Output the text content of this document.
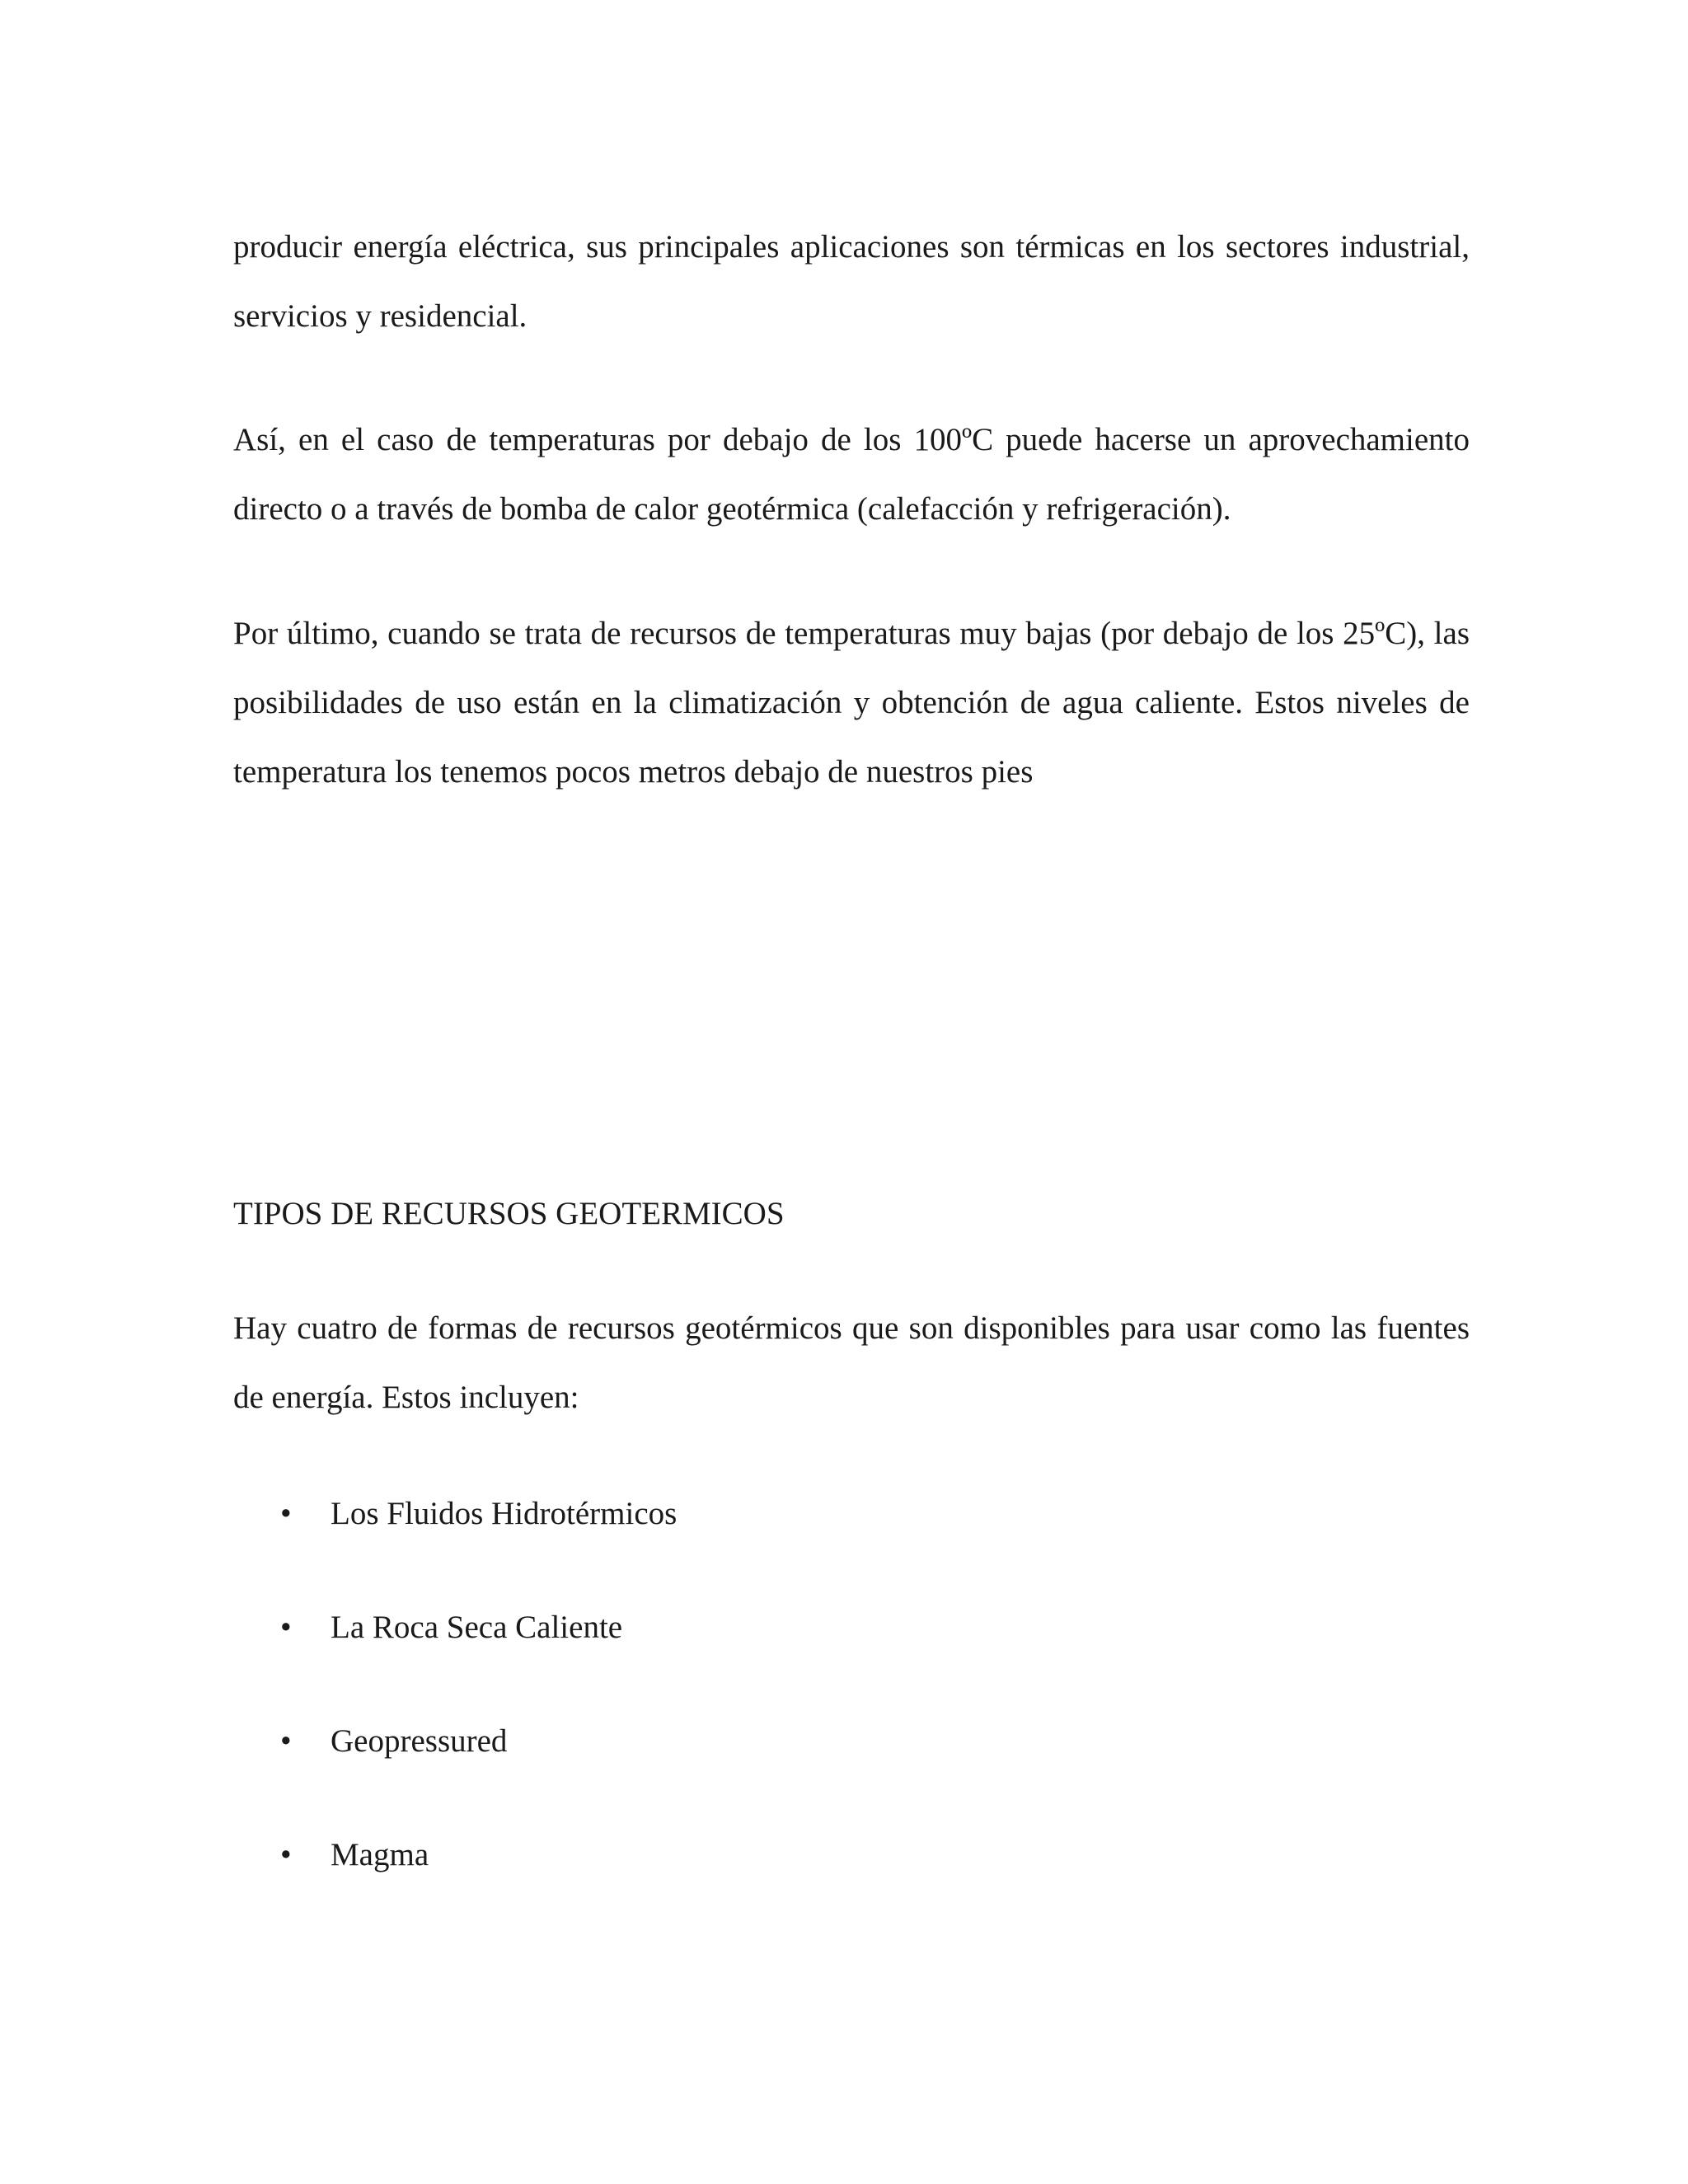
producir energía eléctrica, sus principales aplicaciones son térmicas en los sectores industrial, servicios y residencial.

Así, en el caso de temperaturas por debajo de los 100ºC puede hacerse un aprovechamiento directo o a través de bomba de calor geotérmica (calefacción y refrigeración).

Por último, cuando se trata de recursos de temperaturas muy bajas (por debajo de los 25ºC), las posibilidades de uso están en la climatización y obtención de agua caliente. Estos niveles de temperatura los tenemos pocos metros debajo de nuestros pies

TIPOS DE RECURSOS GEOTERMICOS

Hay cuatro de formas de recursos geotérmicos que son disponibles para usar como las fuentes de energía. Estos incluyen:

• Los Fluidos Hidrotérmicos
• La Roca Seca Caliente
• Geopressured
• Magma
